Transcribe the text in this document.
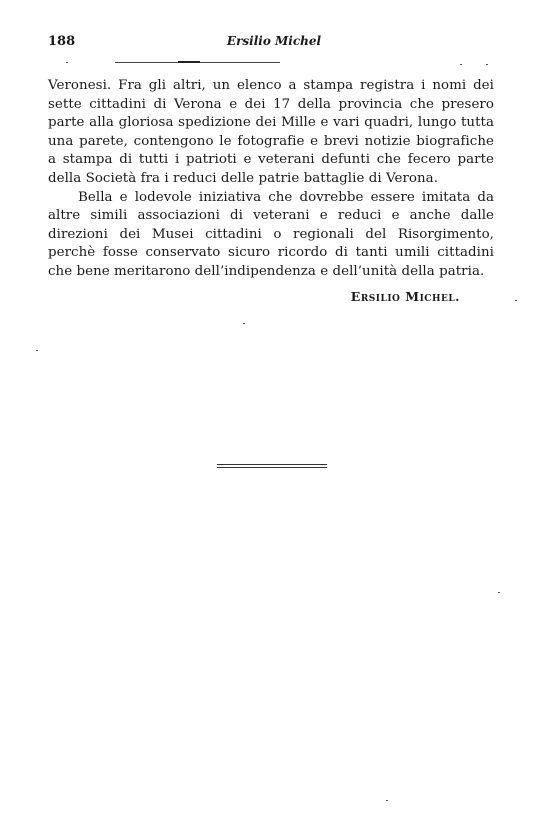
188	Ersilio Michel

Veronesi. Fra gli altri, un elenco a stampa registra i nomi dei sette cittadini di Verona e dei 17 della provincia che presero parte alla gloriosa spedizione dei Mille e vari quadri, lungo tutta una parete, contengono le fotografie e brevi notizie biografiche a stampa di tutti i patrioti e veterani defunti che fecero parte della Società fra i reduci delle patrie battaglie di Verona.

Bella e lodevole iniziativa che dovrebbe essere imitata da altre simili associazioni di veterani e reduci e anche dalle direzioni dei Musei cittadini o regionali del Risorgimento, perchè fosse conservato sicuro ricordo di tanti umili cittadini che bene meritarono dell’indipendenza e dell’unità della patria.

Ersilio Michel.
